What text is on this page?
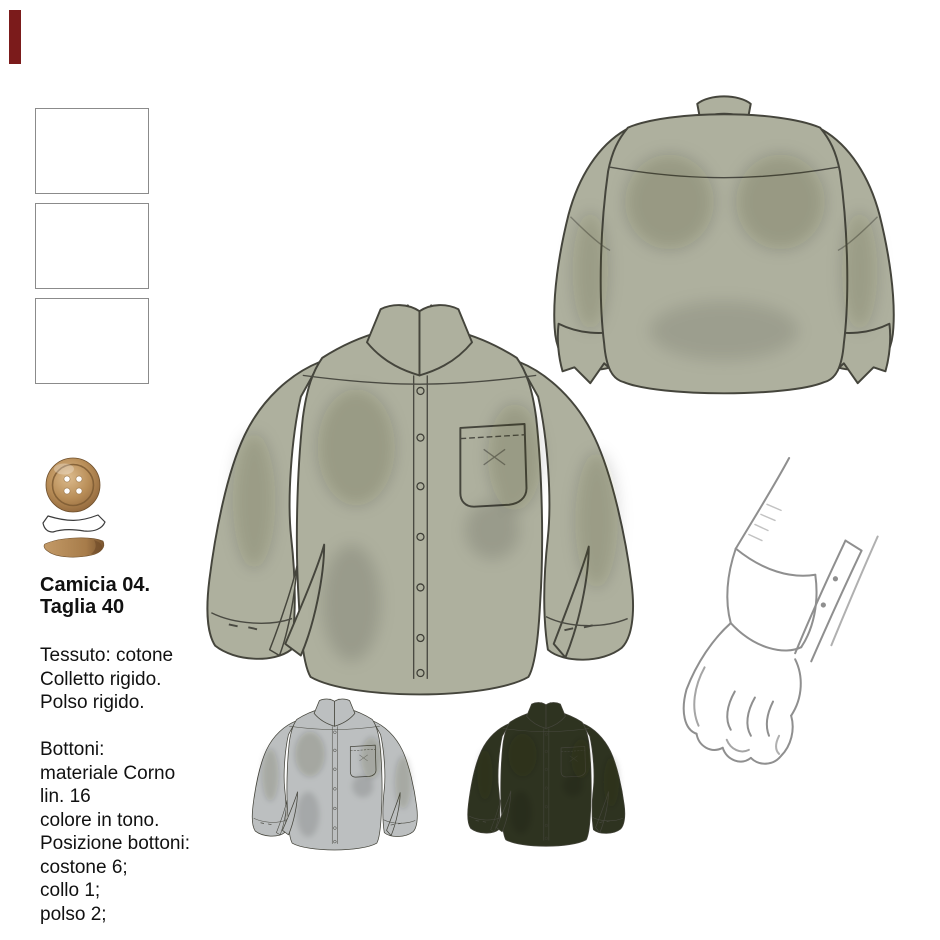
Camicia 04.
Taglia 40
Tessuto: cotone
Colletto rigido.
Polso rigido.
Bottoni:
materiale Corno
lin. 16
colore in tono.
Posizione bottoni:
costone 6;
collo 1;
polso 2;
